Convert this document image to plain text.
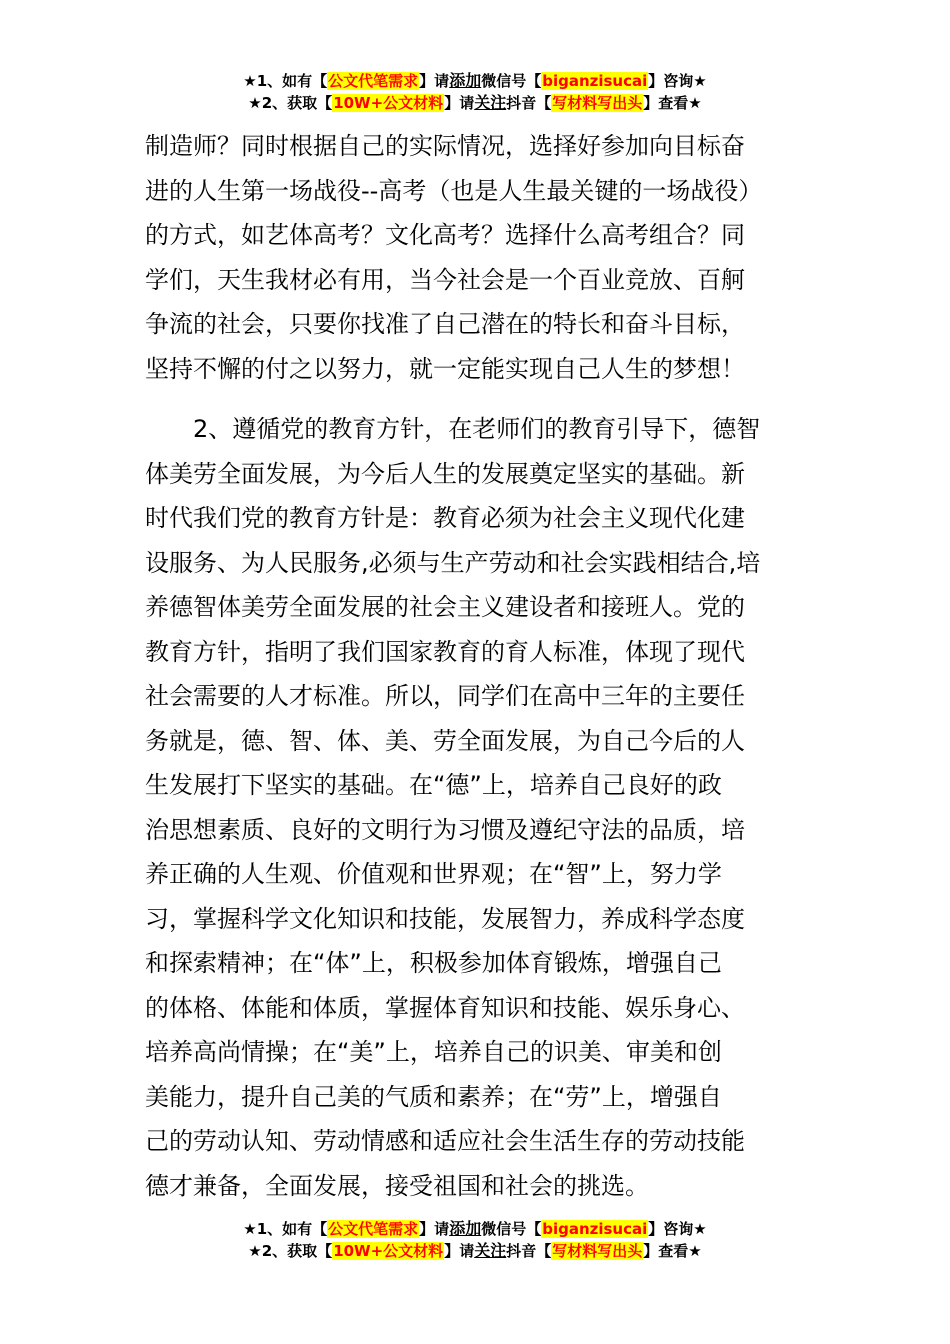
★1、如有【公文代笔需求】请添加微信号【biganzisucai】咨询★
★2、获取【10W+公文材料】请关注抖音【写材料写出头】查看★

制造师？同时根据自己的实际情况，选择好参加向目标奋
进的人生第一场战役--高考（也是人生最关键的一场战役）
的方式，如艺体高考？文化高考？选择什么高考组合？同
学们，天生我材必有用，当今社会是一个百业竞放、百舸
争流的社会，只要你找准了自己潜在的特长和奋斗目标，
坚持不懈的付之以努力，就一定能实现自己人生的梦想！

2、遵循党的教育方针，在老师们的教育引导下，德智
体美劳全面发展，为今后人生的发展奠定坚实的基础。新
时代我们党的教育方针是：教育必须为社会主义现代化建
设服务、为人民服务,必须与生产劳动和社会实践相结合,培
养德智体美劳全面发展的社会主义建设者和接班人。党的
教育方针，指明了我们国家教育的育人标准，体现了现代
社会需要的人才标准。所以，同学们在高中三年的主要任
务就是，德、智、体、美、劳全面发展，为自己今后的人
生发展打下坚实的基础。在“德”上，培养自己良好的政
治思想素质、良好的文明行为习惯及遵纪守法的品质，培
养正确的人生观、价值观和世界观；在“智”上，努力学
习，掌握科学文化知识和技能，发展智力，养成科学态度
和探索精神；在“体”上，积极参加体育锻炼，增强自己
的体格、体能和体质，掌握体育知识和技能、娱乐身心、
培养高尚情操；在“美”上，培养自己的识美、审美和创
美能力，提升自己美的气质和素养；在“劳”上，增强自
己的劳动认知、劳动情感和适应社会生活生存的劳动技能
德才兼备，全面发展，接受祖国和社会的挑选。

★1、如有【公文代笔需求】请添加微信号【biganzisucai】咨询★
★2、获取【10W+公文材料】请关注抖音【写材料写出头】查看★
